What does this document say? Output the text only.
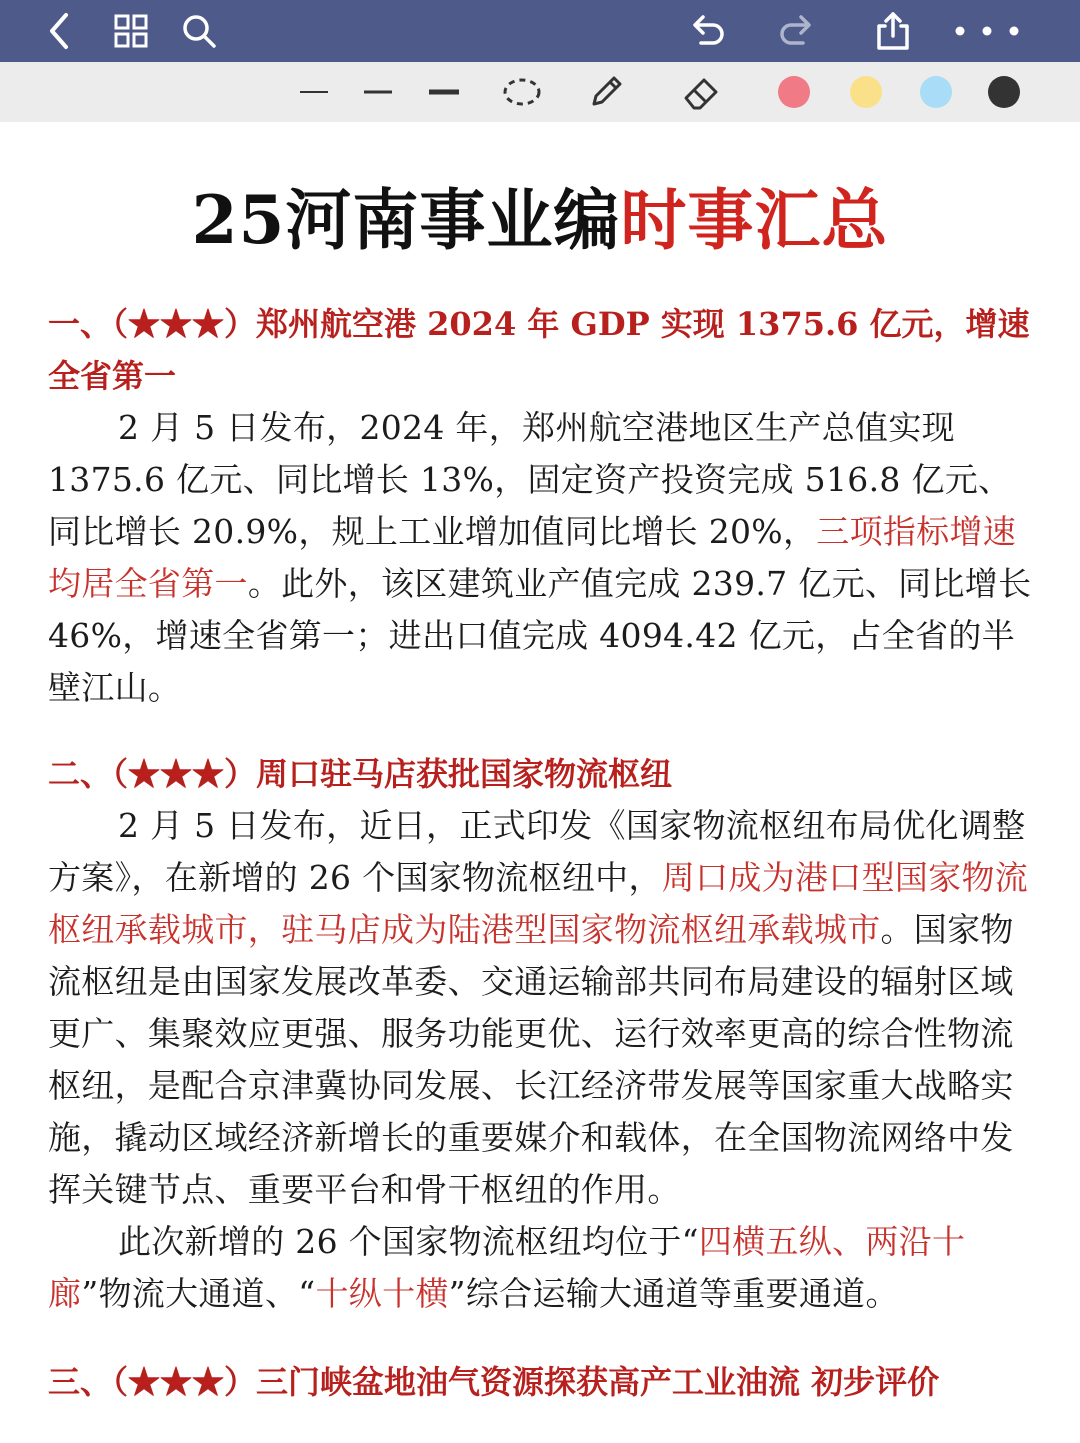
25河南事业编时事汇总
一、（★★★）郑州航空港 2024 年 GDP 实现 1375.6 亿元，增速全省第一
2 月 5 日发布，2024 年，郑州航空港地区生产总值实现 1375.6 亿元、同比增长 13%，固定资产投资完成 516.8 亿元、同比增长 20.9%，规上工业增加值同比增长 20%，三项指标增速均居全省第一。此外，该区建筑业产值完成 239.7 亿元、同比增长 46%，增速全省第一；进出口值完成 4094.42 亿元，占全省的半壁江山。
二、（★★★）周口驻马店获批国家物流枢纽
2 月 5 日发布，近日，正式印发《国家物流枢纽布局优化调整方案》，在新增的 26 个国家物流枢纽中，周口成为港口型国家物流枢纽承载城市，驻马店成为陆港型国家物流枢纽承载城市。国家物流枢纽是由国家发展改革委、交通运输部共同布局建设的辐射区域更广、集聚效应更强、服务功能更优、运行效率更高的综合性物流枢纽，是配合京津冀协同发展、长江经济带发展等国家重大战略实施，撬动区域经济新增长的重要媒介和载体，在全国物流网络中发挥关键节点、重要平台和骨干枢纽的作用。
此次新增的 26 个国家物流枢纽均位于“四横五纵、两沿十廊”物流大通道、“十纵十横”综合运输大通道等重要通道。
三、（★★★）三门峡盆地油气资源探获高产工业油流 初步评价
